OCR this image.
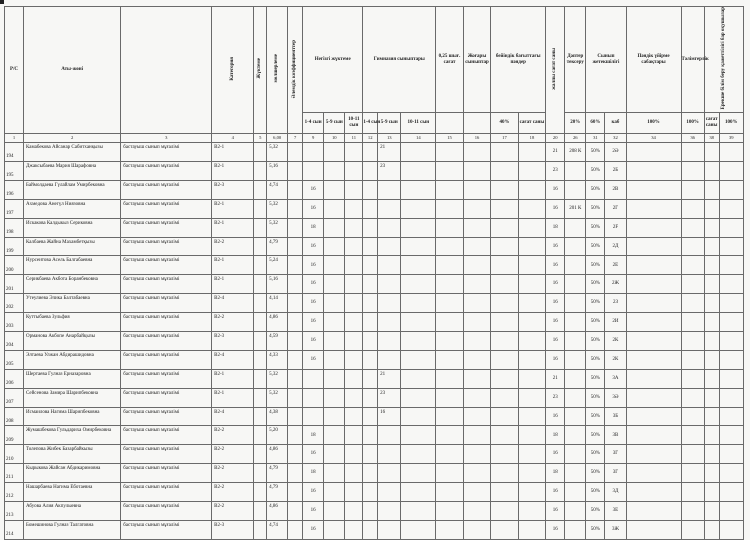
Р/С	Аты-жөні		Категория	Жүктеме	мөлшерлеме	Әлемдік коэффициенттер	Негізгі жүктеме			Гимназия сыныптары			0,25 шығ. сағат	Жоғары сыныптар	бейіндік бағыттағы пәндер		жалпы сағат саны	Дәптер тексеру	Сынып жетекшілігі		Пәндік үйірме сабақтары	Тәлімгерлік	Ерекше білім беру қажеттілігі бар оқушылар	
							1-4 сын	5-9 сын	10-11 сын	1-4 сын	5-9 сын	10-11 сын			40%	сағат саны		20%	60%	каб	100%	100%	сағат саны	100%
1	2	3	4	5	6,00	7	9	10	11	12	13	14	15	16	17	18	20	26	31	32	34	36	38	39
194	Камабекова Айсанар Сабитханқызы	бастауыш сынып мұғалімі	B2-1		5,32						21						21	208 К	50%	2Ә				
195	Джаксыбаева Мария Шарафовна	бастауыш сынып мұғалімі	B2-1		5,16						23						23		50%	2Б				
196	Баймолдаева Гүлайлам Умирбековна	бастауыш сынып мұғалімі	B2-3		4,74		16										16		50%	2В				
197	Ахмедова Анегүл Ниязовна	бастауыш сынып мұғалімі	B2-1		5,32		16										16	201 К	50%	2Г				
198	Искакова Калдыкыз Сериковна	бастауыш сынып мұғалімі	B2-1		5,32		18										18		50%	2F				
199	Калбаева Жайна Махамбетқызы	бастауыш сынып мұғалімі	B2-2		4,79		16										16		50%	2Д				
200	Нурсеитова Асель Балгабаевна	бастауыш сынып мұғалімі	B2-1		5,24		16										16		50%	2Е				
201	Серикбаева Акбота Боранбековна	бастауыш сынып мұғалімі	B2-1		5,16		16										16		50%	2Ж				
202	Утеулиева Элика Балтабаевна	бастауыш сынып мұғалімі	B2-4		4,14		16										16		50%	2З				
203	Куттыбаева Зульфия	бастауыш сынып мұғалімі	B2-2		4,86		16										16		50%	2И				
204	Орманова Акбопе Анарбайқызы	бастауыш сынып мұғалімі	B2-3		4,59		16										16		50%	2К				
205	Элтаева Улжан Абдирашидовна	бастауыш сынып мұғалімі	B2-4		4,33		16										16		50%	2К				
206	Шертаева Гулназ Ерназаровна	бастауыш сынып мұғалімі	B2-1		5,32						21						21		50%	3А				
207	Сейсенова Замира Шарипбековна	бастауыш сынып мұғалімі	B2-1		5,32						23						23		50%	3Ә				
208	Исмаилова Нагима Шарипбековна	бастауыш сынып мұғалімі	B2-4		4,38						16						16		50%	3Б				
209	Жумашбекова Гульдариха Омирбековна	бастауыш сынып мұғалімі	B2-2		5,20		18										18		50%	3В				
210	Толепова Жибек Базарбайкызы	бастауыш сынып мұғалімі	B2-2		4,86		16										16		50%	3Г				
211	Кырыкова Жайсан Абдикаримовна	бастауыш сынып мұғалімі	B2-2		4,79		18										18		50%	3Г				
212	Нашарбаева Нагима Еботаевна	бастауыш сынып мұғалімі	B2-2		4,79		16										16		50%	3Д				
213	Абуова Алия Акпулыевна	бастауыш сынып мұғалімі	B2-2		4,86		16										16		50%	3Е				
214	Бомешинова Гулназ Талгатовна	бастауыш сынып мұғалімі	B2-3		4,74		16										16		50%	3Ж				
